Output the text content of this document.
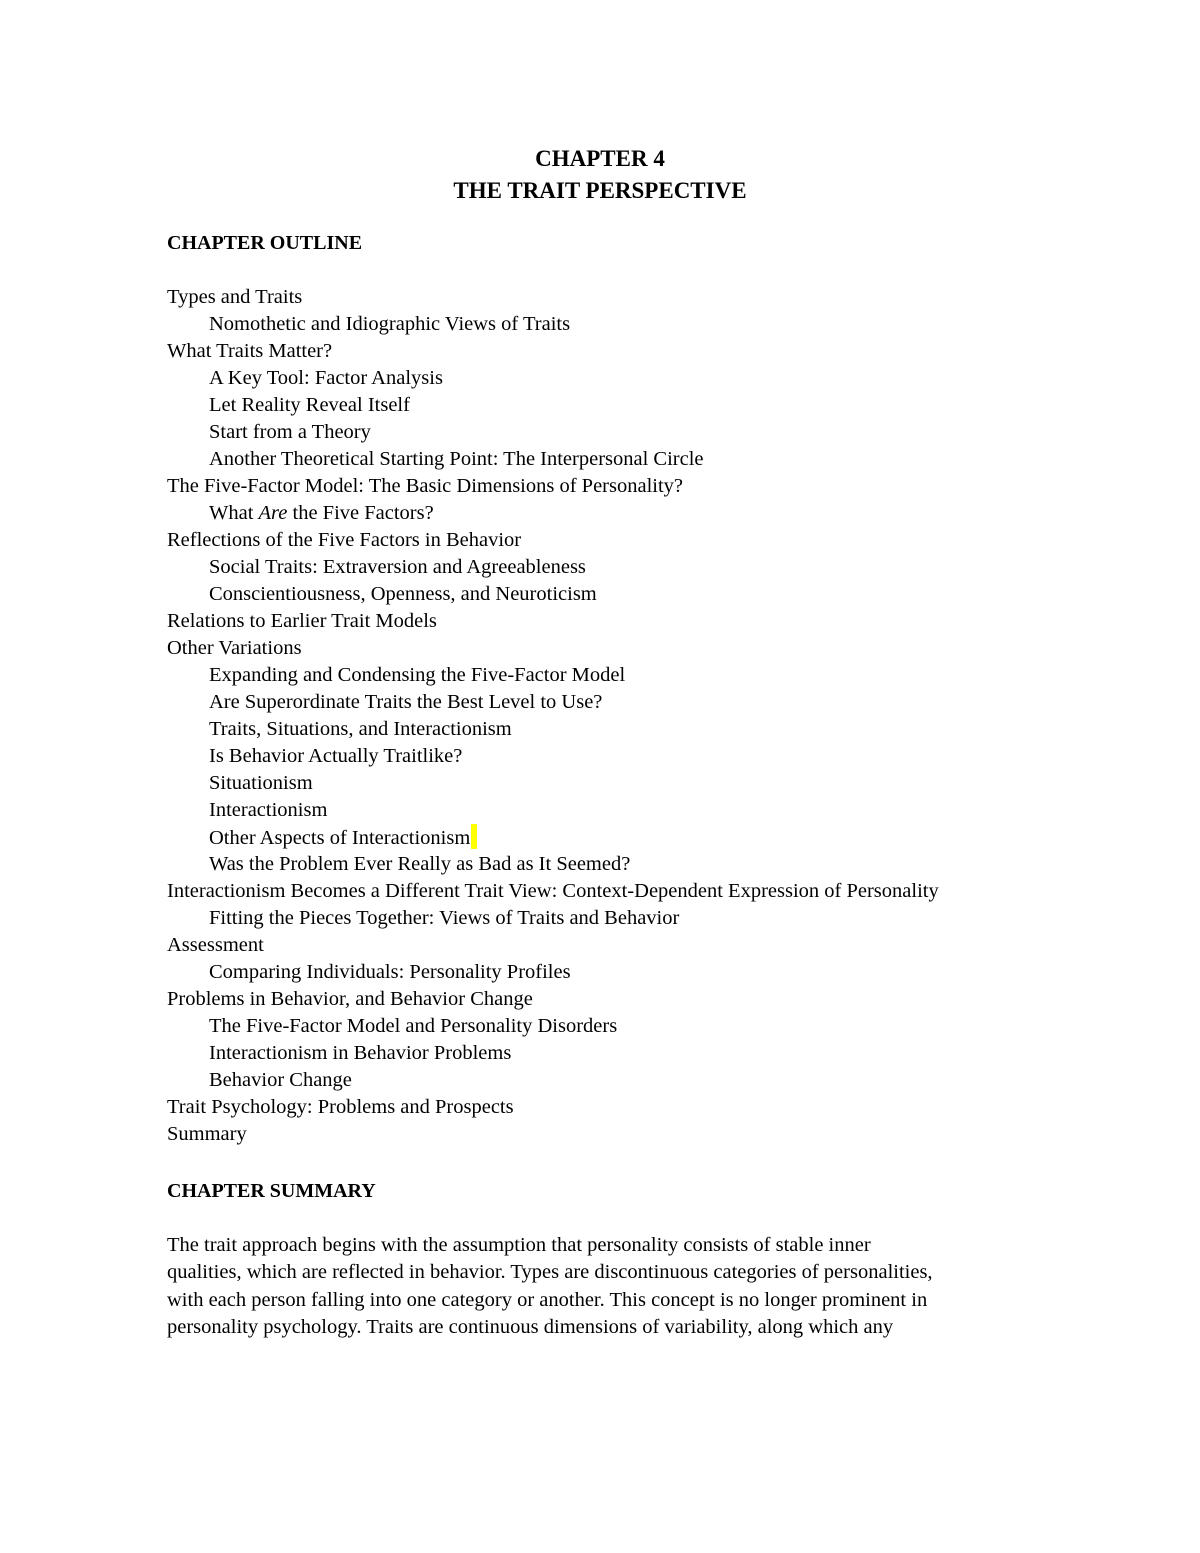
CHAPTER 4
THE TRAIT PERSPECTIVE
CHAPTER OUTLINE
Types and Traits
Nomothetic and Idiographic Views of Traits
What Traits Matter?
A Key Tool: Factor Analysis
Let Reality Reveal Itself
Start from a Theory
Another Theoretical Starting Point: The Interpersonal Circle
The Five-Factor Model: The Basic Dimensions of Personality?
What Are the Five Factors?
Reflections of the Five Factors in Behavior
Social Traits: Extraversion and Agreeableness
Conscientiousness, Openness, and Neuroticism
Relations to Earlier Trait Models
Other Variations
Expanding and Condensing the Five-Factor Model
Are Superordinate Traits the Best Level to Use?
Traits, Situations, and Interactionism
Is Behavior Actually Traitlike?
Situationism
Interactionism
Other Aspects of Interactionism
Was the Problem Ever Really as Bad as It Seemed?
Interactionism Becomes a Different Trait View: Context-Dependent Expression of Personality
Fitting the Pieces Together: Views of Traits and Behavior
Assessment
Comparing Individuals: Personality Profiles
Problems in Behavior, and Behavior Change
The Five-Factor Model and Personality Disorders
Interactionism in Behavior Problems
Behavior Change
Trait Psychology: Problems and Prospects
Summary
CHAPTER SUMMARY
The trait approach begins with the assumption that personality consists of stable inner
qualities, which are reflected in behavior. Types are discontinuous categories of personalities,
with each person falling into one category or another. This concept is no longer prominent in
personality psychology. Traits are continuous dimensions of variability, along which any
